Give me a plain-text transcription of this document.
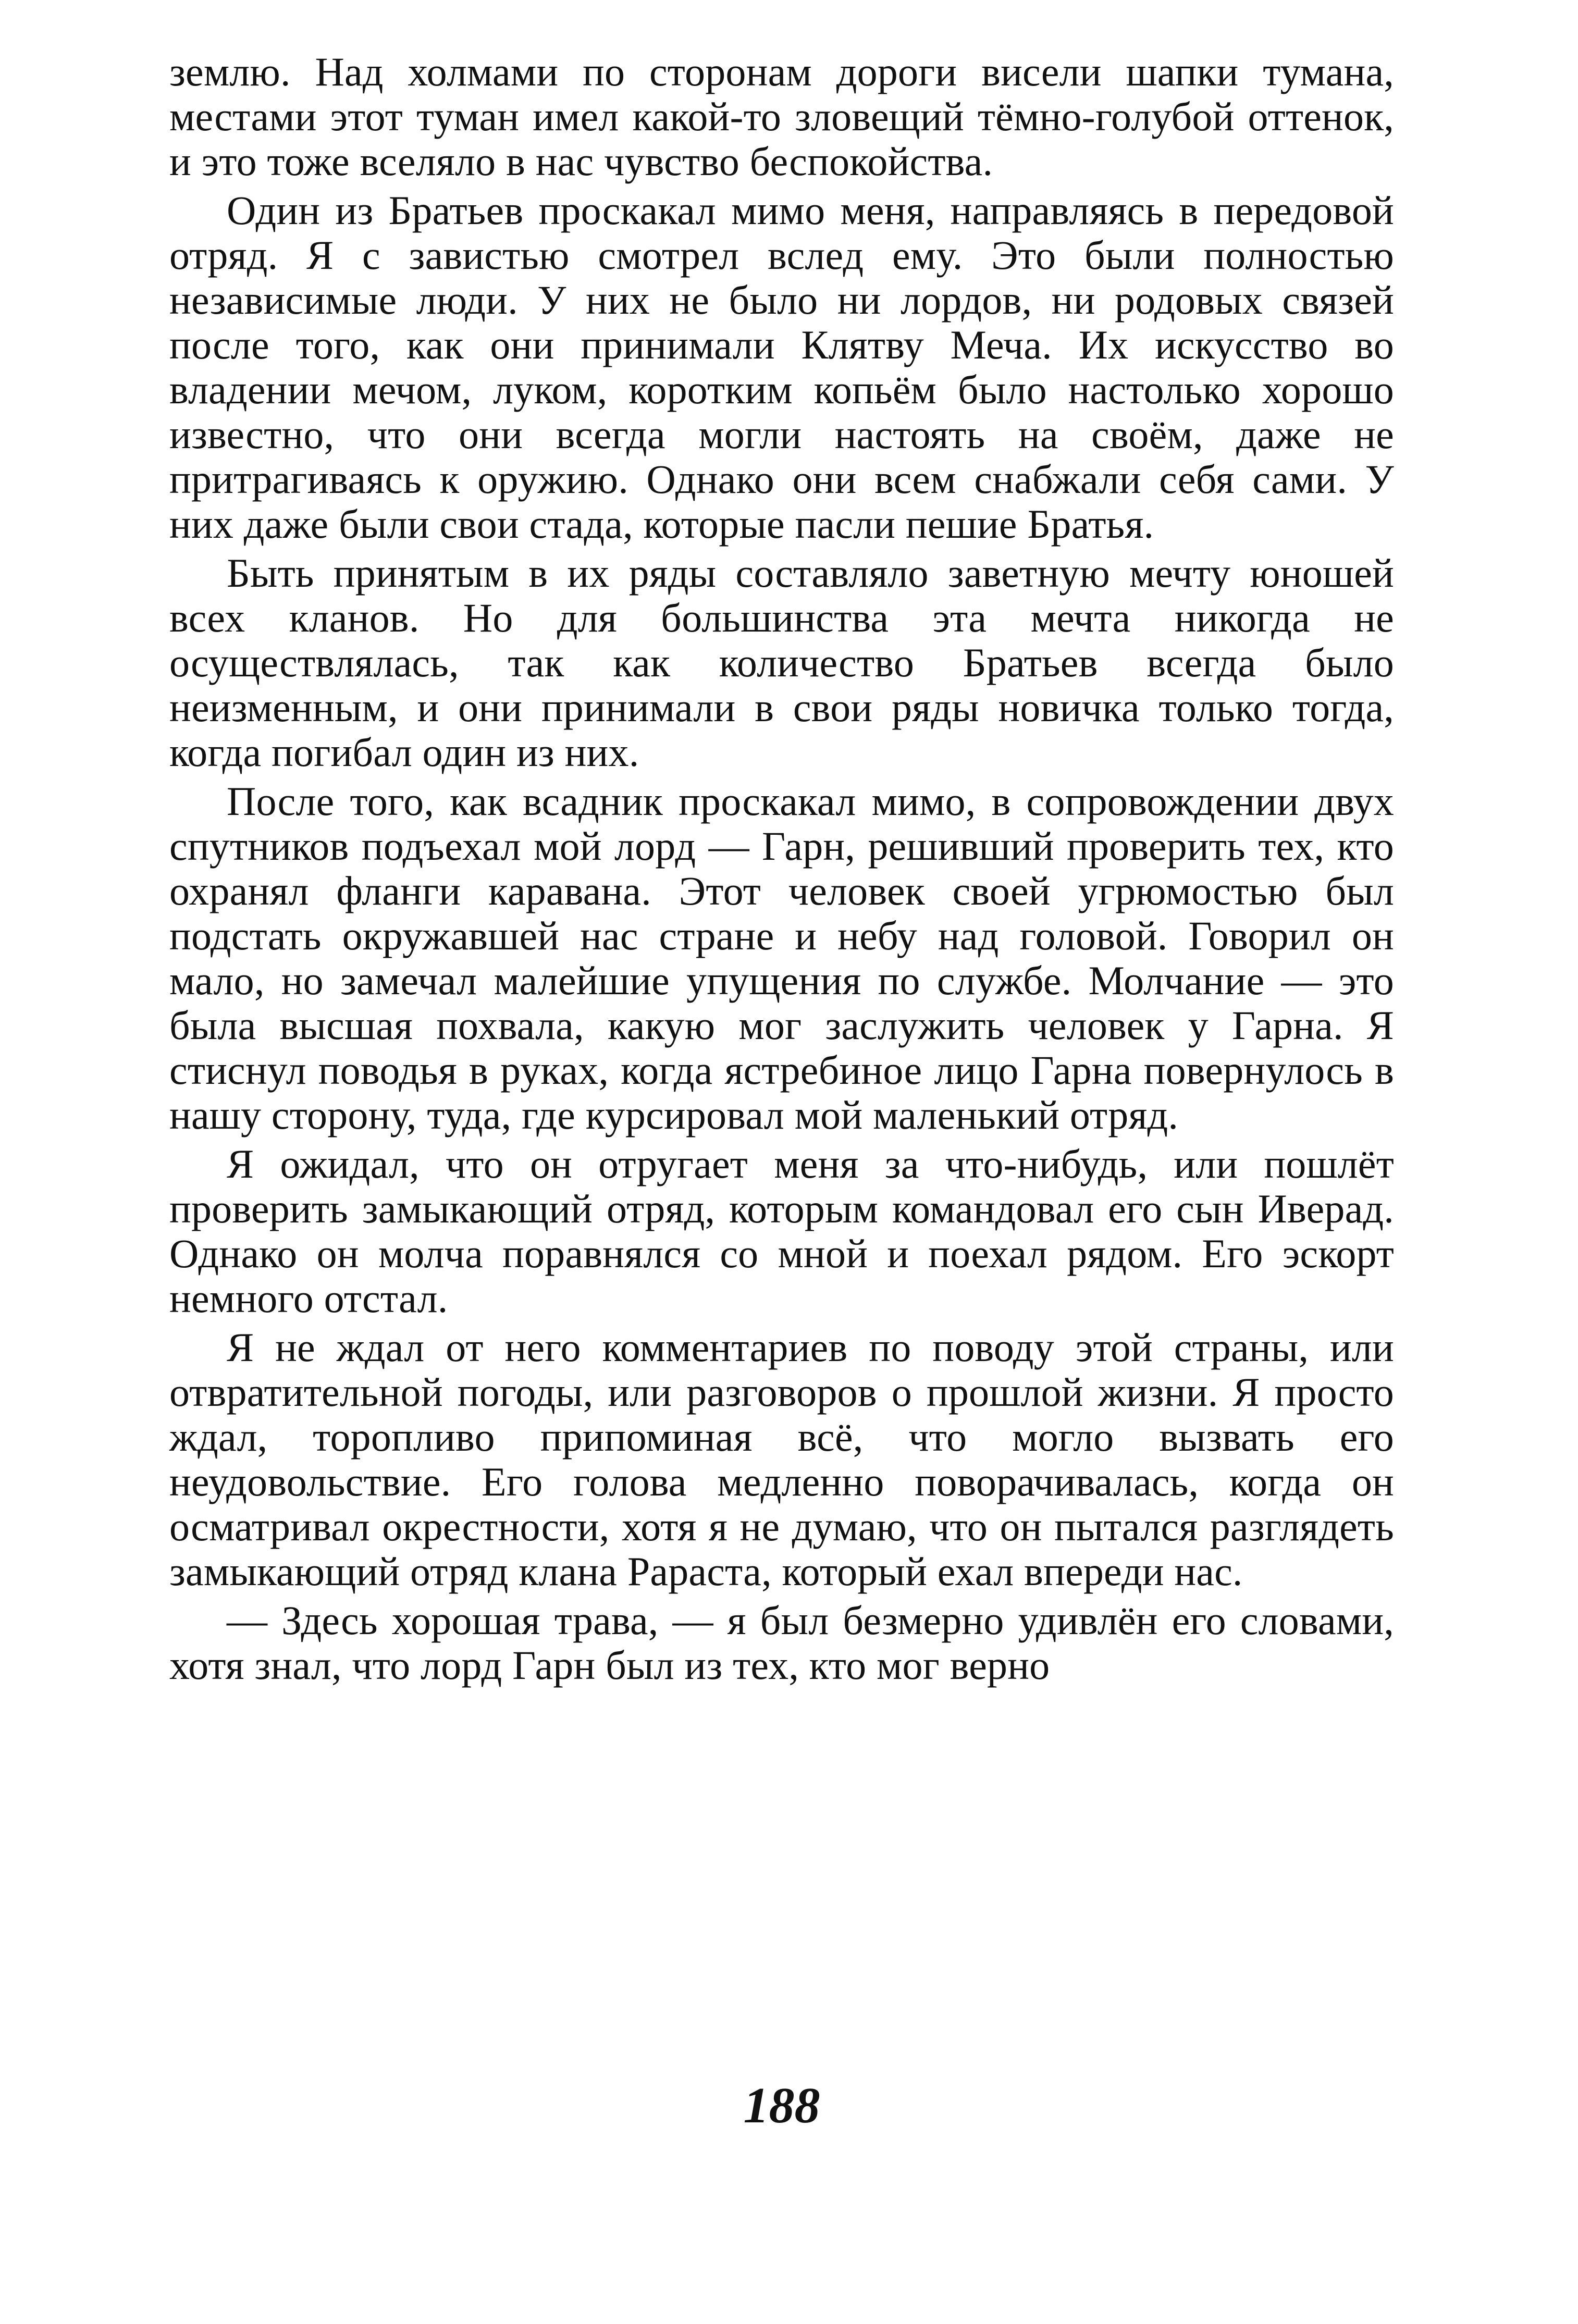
землю. Над холмами по сторонам дороги висели шапки тумана, местами этот туман имел какой-то зловещий тёмно-голубой оттенок, и это тоже вселяло в нас чувство беспокойства.

Один из Братьев проскакал мимо меня, направляясь в передовой отряд. Я с завистью смотрел вслед ему. Это были полностью независимые люди. У них не было ни лордов, ни родовых связей после того, как они принимали Клятву Меча. Их искусство во владении мечом, луком, коротким копьём было настолько хорошо известно, что они всегда могли настоять на своём, даже не притрагиваясь к оружию. Однако они всем снабжали себя сами. У них даже были свои стада, которые пасли пешие Братья.

Быть принятым в их ряды составляло заветную мечту юношей всех кланов. Но для большинства эта мечта никогда не осуществлялась, так как количество Братьев всегда было неизменным, и они принимали в свои ряды новичка только тогда, когда погибал один из них.

После того, как всадник проскакал мимо, в сопровождении двух спутников подъехал мой лорд — Гарн, решивший проверить тех, кто охранял фланги каравана. Этот человек своей угрюмостью был подстать окружавшей нас стране и небу над головой. Говорил он мало, но замечал малейшие упущения по службе. Молчание — это была высшая похвала, какую мог заслужить человек у Гарна. Я стиснул поводья в руках, когда ястребиное лицо Гарна повернулось в нашу сторону, туда, где курсировал мой маленький отряд.

Я ожидал, что он отругает меня за что-нибудь, или пошлёт проверить замыкающий отряд, которым командовал его сын Иверад. Однако он молча поравнялся со мной и поехал рядом. Его эскорт немного отстал.

Я не ждал от него комментариев по поводу этой страны, или отвратительной погоды, или разговоров о прошлой жизни. Я просто ждал, торопливо припоминая всё, что могло вызвать его неудовольствие. Его голова медленно поворачивалась, когда он осматривал окрестности, хотя я не думаю, что он пытался разглядеть замыкающий отряд клана Раpаста, который ехал впереди нас.

— Здесь хорошая трава, — я был безмерно удивлён его словами, хотя знал, что лорд Гарн был из тех, кто мог верно

188
